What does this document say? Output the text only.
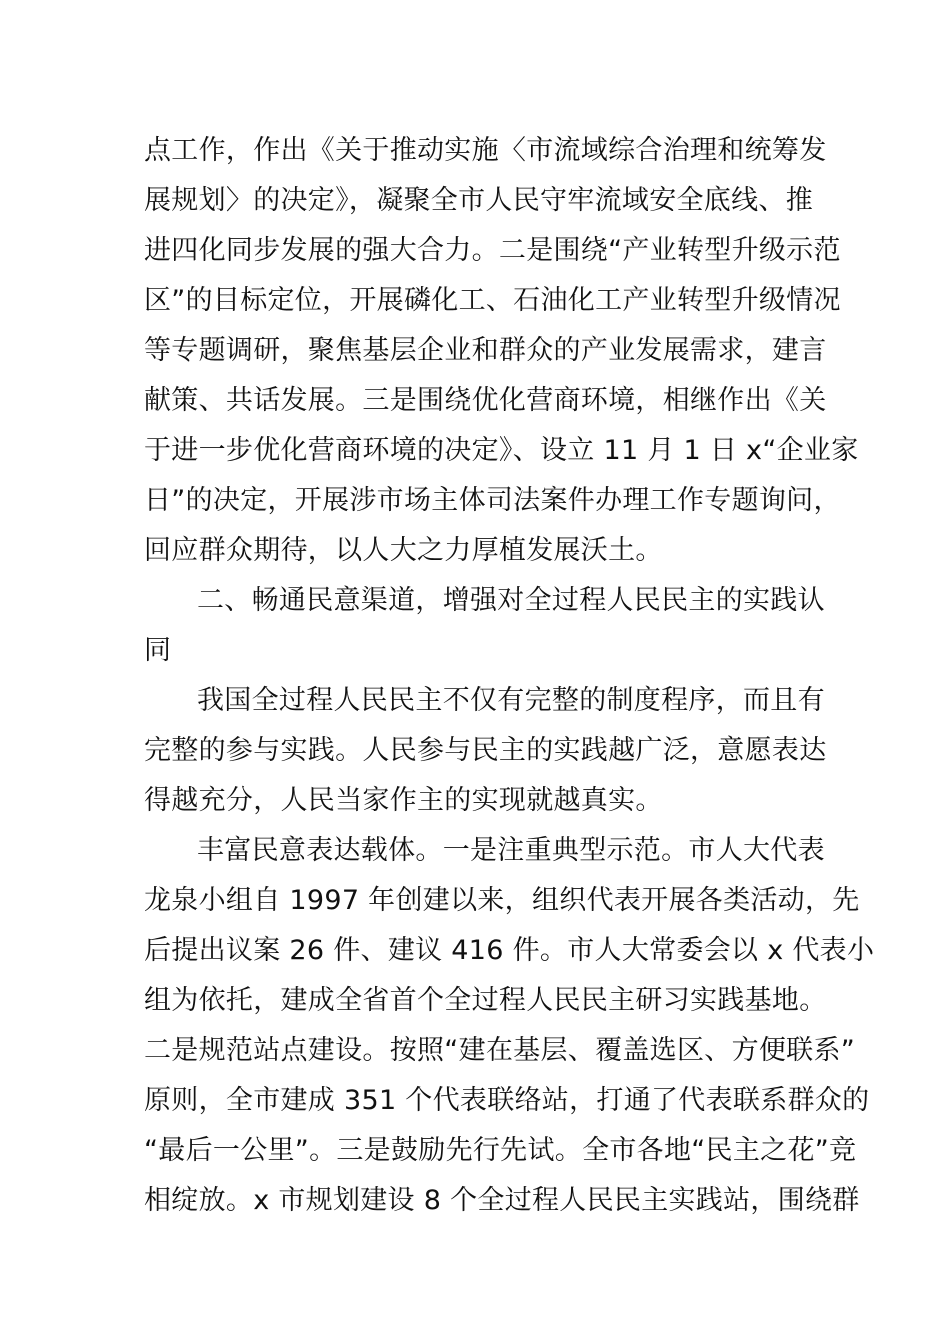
点工作，作出《关于推动实施〈市流域综合治理和统筹发
展规划〉的决定》，凝聚全市人民守牢流域安全底线、推
进四化同步发展的强大合力。二是围绕“产业转型升级示范
区”的目标定位，开展磷化工、石油化工产业转型升级情况
等专题调研，聚焦基层企业和群众的产业发展需求，建言
献策、共话发展。三是围绕优化营商环境，相继作出《关
于进一步优化营商环境的决定》、设立 11 月 1 日 x“企业家
日”的决定，开展涉市场主体司法案件办理工作专题询问，
回应群众期待，以人大之力厚植发展沃土。
二、畅通民意渠道，增强对全过程人民民主的实践认
同
我国全过程人民民主不仅有完整的制度程序，而且有
完整的参与实践。人民参与民主的实践越广泛，意愿表达
得越充分，人民当家作主的实现就越真实。
丰富民意表达载体。一是注重典型示范。市人大代表
龙泉小组自 1997 年创建以来，组织代表开展各类活动，先
后提出议案 26 件、建议 416 件。市人大常委会以 x 代表小
组为依托，建成全省首个全过程人民民主研习实践基地。
二是规范站点建设。按照“建在基层、覆盖选区、方便联系”
原则，全市建成 351 个代表联络站，打通了代表联系群众的
“最后一公里”。三是鼓励先行先试。全市各地“民主之花”竞
相绽放。x 市规划建设 8 个全过程人民民主实践站，围绕群
